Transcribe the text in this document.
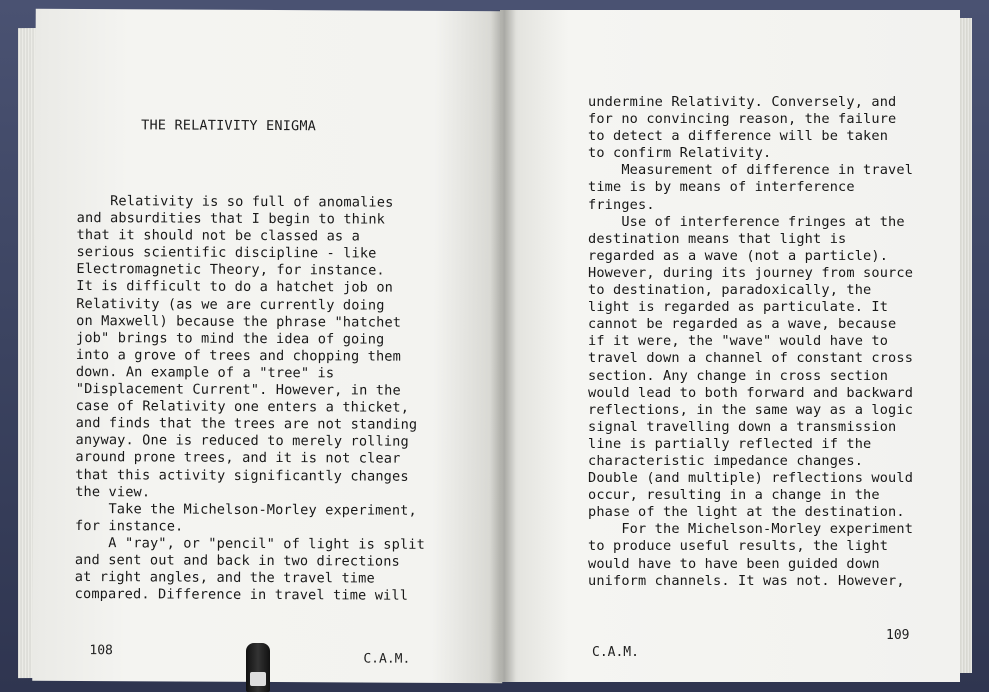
THE RELATIVITY ENIGMA
Relativity is so full of anomalies
and absurdities that I begin to think
that it should not be classed as a
serious scientific discipline - like
Electromagnetic Theory, for instance.
It is difficult to do a hatchet job on
Relativity (as we are currently doing
on Maxwell) because the phrase "hatchet
job" brings to mind the idea of going
into a grove of trees and chopping them
down. An example of a "tree" is
"Displacement Current". However, in the
case of Relativity one enters a thicket,
and finds that the trees are not standing
anyway. One is reduced to merely rolling
around prone trees, and it is not clear
that this activity significantly changes
the view.
Take the Michelson-Morley experiment,
for instance.
A "ray", or "pencil" of light is split
and sent out and back in two directions
at right angles, and the travel time
compared. Difference in travel time will
108
C.A.M.
undermine Relativity. Conversely, and
for no convincing reason, the failure
to detect a difference will be taken
to confirm Relativity.
Measurement of difference in travel
time is by means of interference
fringes.
Use of interference fringes at the
destination means that light is
regarded as a wave (not a particle).
However, during its journey from source
to destination, paradoxically, the
light is regarded as particulate. It
cannot be regarded as a wave, because
if it were, the "wave" would have to
travel down a channel of constant cross
section. Any change in cross section
would lead to both forward and backward
reflections, in the same way as a logic
signal travelling down a transmission
line is partially reflected if the
characteristic impedance changes.
Double (and multiple) reflections would
occur, resulting in a change in the
phase of the light at the destination.
For the Michelson-Morley experiment
to produce useful results, the light
would have to have been guided down
uniform channels. It was not. However,
109
C.A.M.
